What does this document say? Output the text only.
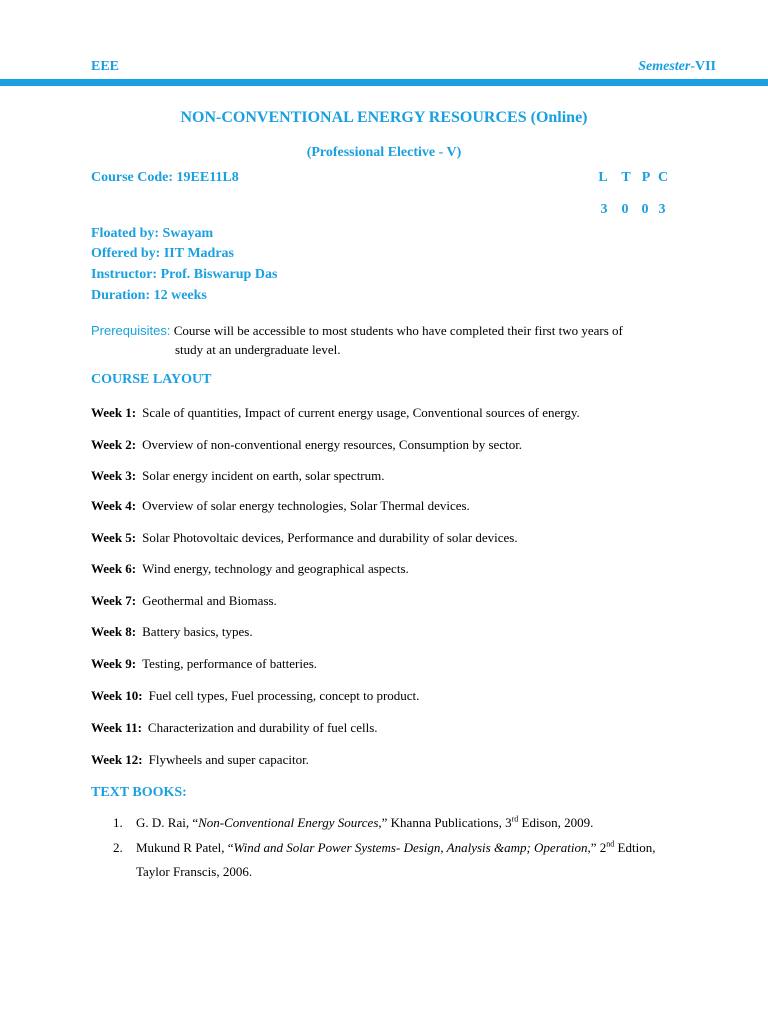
EEE	Semester-VII
NON-CONVENTIONAL ENERGY RESOURCES (Online)
(Professional Elective - V)
Course Code: 19EE11L8	L T P C
3 0 0 3
Floated by: Swayam
Offered by: IIT Madras
Instructor: Prof. Biswarup Das
Duration: 12 weeks
Prerequisites: Course will be accessible to most students who have completed their first two years of
study at an undergraduate level.
COURSE LAYOUT
Week 1: Scale of quantities, Impact of current energy usage, Conventional sources of energy.
Week 2: Overview of non-conventional energy resources, Consumption by sector.
Week 3: Solar energy incident on earth, solar spectrum.
Week 4: Overview of solar energy technologies, Solar Thermal devices.
Week 5: Solar Photovoltaic devices, Performance and durability of solar devices.
Week 6: Wind energy, technology and geographical aspects.
Week 7: Geothermal and Biomass.
Week 8: Battery basics, types.
Week 9: Testing, performance of batteries.
Week 10: Fuel cell types, Fuel processing, concept to product.
Week 11: Characterization and durability of fuel cells.
Week 12: Flywheels and super capacitor.
TEXT BOOKS:
1. G. D. Rai, “Non-Conventional Energy Sources,” Khanna Publications, 3rd Edison, 2009.
2. Mukund R Patel, “Wind and Solar Power Systems- Design, Analysis &amp; Operation,” 2nd Edtion, Taylor Franscis, 2006.
